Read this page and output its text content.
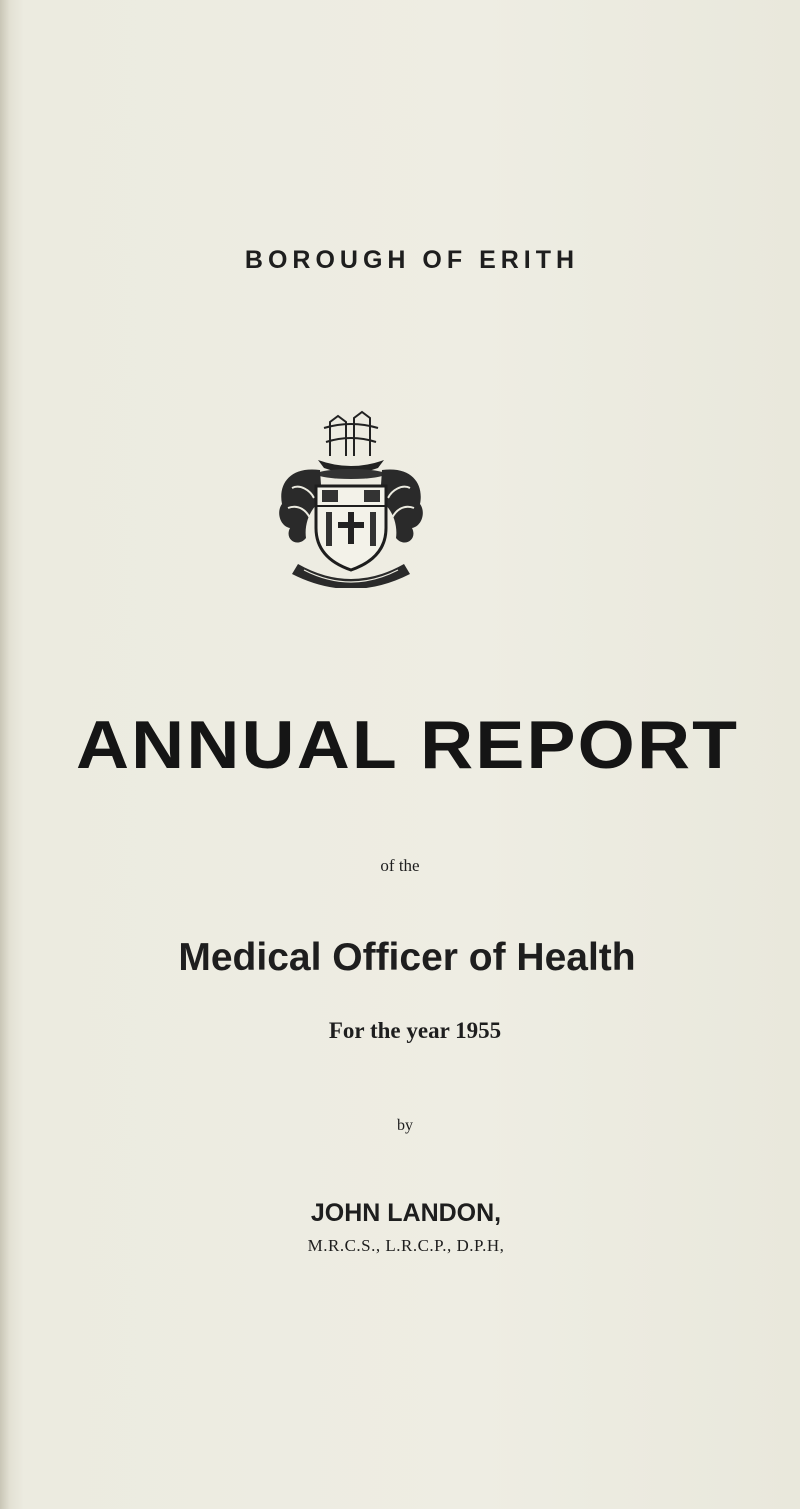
BOROUGH OF ERITH
ANNUAL REPORT
of the
Medical Officer of Health
For the year 1955
by
JOHN LANDON,
M.R.C.S., L.R.C.P., D.P.H,
